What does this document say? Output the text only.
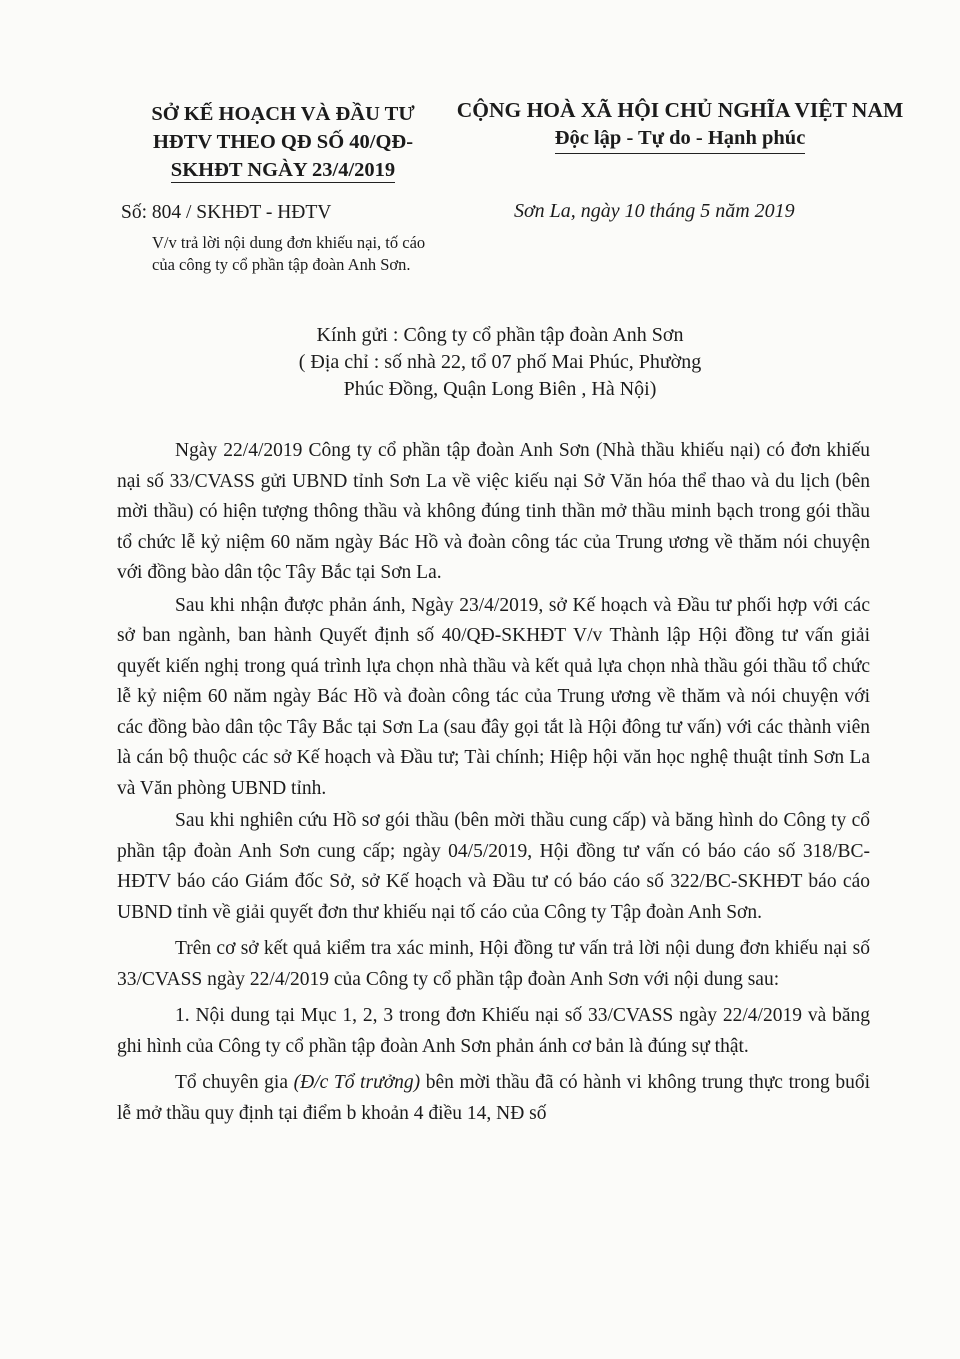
SỞ KẾ HOẠCH VÀ ĐẦU TƯ
HĐTV THEO QĐ SỐ 40/QĐ-
SKHĐT NGÀY 23/4/2019
CỘNG HOÀ XÃ HỘI CHỦ NGHĨA VIỆT NAM
Độc lập - Tự do - Hạnh phúc
Số: 804 / SKHĐT - HĐTV
V/v trả lời nội dung đơn khiếu nại, tố cáo của công ty cổ phần tập đoàn Anh Sơn.
Sơn La, ngày 10 tháng 5 năm 2019
Kính gửi : Công ty cổ phần tập đoàn Anh Sơn
( Địa chỉ : số nhà 22, tổ 07 phố Mai Phúc, Phường
Phúc Đồng, Quận Long Biên , Hà Nội)

Ngày 22/4/2019 Công ty cổ phần tập đoàn Anh Sơn (Nhà thầu khiếu nại) có đơn khiếu nại số 33/CVASS gửi UBND tỉnh Sơn La về việc kiếu nại Sở Văn hóa thể thao và du lịch (bên mời thầu) có hiện tượng thông thầu và không đúng tinh thần mở thầu minh bạch trong gói thầu tổ chức lễ kỷ niệm 60 năm ngày Bác Hồ và đoàn công tác của Trung ương về thăm nói chuyện với đồng bào dân tộc Tây Bắc tại Sơn La.

Sau khi nhận được phản ánh, Ngày 23/4/2019, sở Kế hoạch và Đầu tư phối hợp với các sở ban ngành, ban hành Quyết định số 40/QĐ-SKHĐT V/v Thành lập Hội đồng tư vấn giải quyết kiến nghị trong quá trình lựa chọn nhà thầu và kết quả lựa chọn nhà thầu gói thầu tổ chức lễ kỷ niệm 60 năm ngày Bác Hồ và đoàn công tác của Trung ương về thăm và nói chuyện với các đồng bào dân tộc Tây Bắc tại Sơn La (sau đây gọi tắt là Hội đông tư vấn) với các thành viên là cán bộ thuộc các sở Kế hoạch và Đầu tư; Tài chính; Hiệp hội văn học nghệ thuật tỉnh Sơn La và Văn phòng UBND tỉnh.

Sau khi nghiên cứu Hồ sơ gói thầu (bên mời thầu cung cấp) và băng hình do Công ty cổ phần tập đoàn Anh Sơn cung cấp; ngày 04/5/2019, Hội đồng tư vấn có báo cáo số 318/BC-HĐTV báo cáo Giám đốc Sở, sở Kế hoạch và Đầu tư có báo cáo số 322/BC-SKHĐT báo cáo UBND tỉnh về giải quyết đơn thư khiếu nại tố cáo của Công ty Tập đoàn Anh Sơn.

Trên cơ sở kết quả kiểm tra xác minh, Hội đồng tư vấn trả lời nội dung đơn khiếu nại số 33/CVASS ngày 22/4/2019 của Công ty cổ phần tập đoàn Anh Sơn với nội dung sau:

1. Nội dung tại Mục 1, 2, 3 trong đơn Khiếu nại số 33/CVASS ngày 22/4/2019 và băng ghi hình của Công ty cổ phần tập đoàn Anh Sơn phản ánh cơ bản là đúng sự thật.

Tổ chuyên gia (Đ/c Tổ trưởng) bên mời thầu đã có hành vi không trung thực trong buổi lễ mở thầu quy định tại điểm b khoản 4 điều 14, NĐ số
